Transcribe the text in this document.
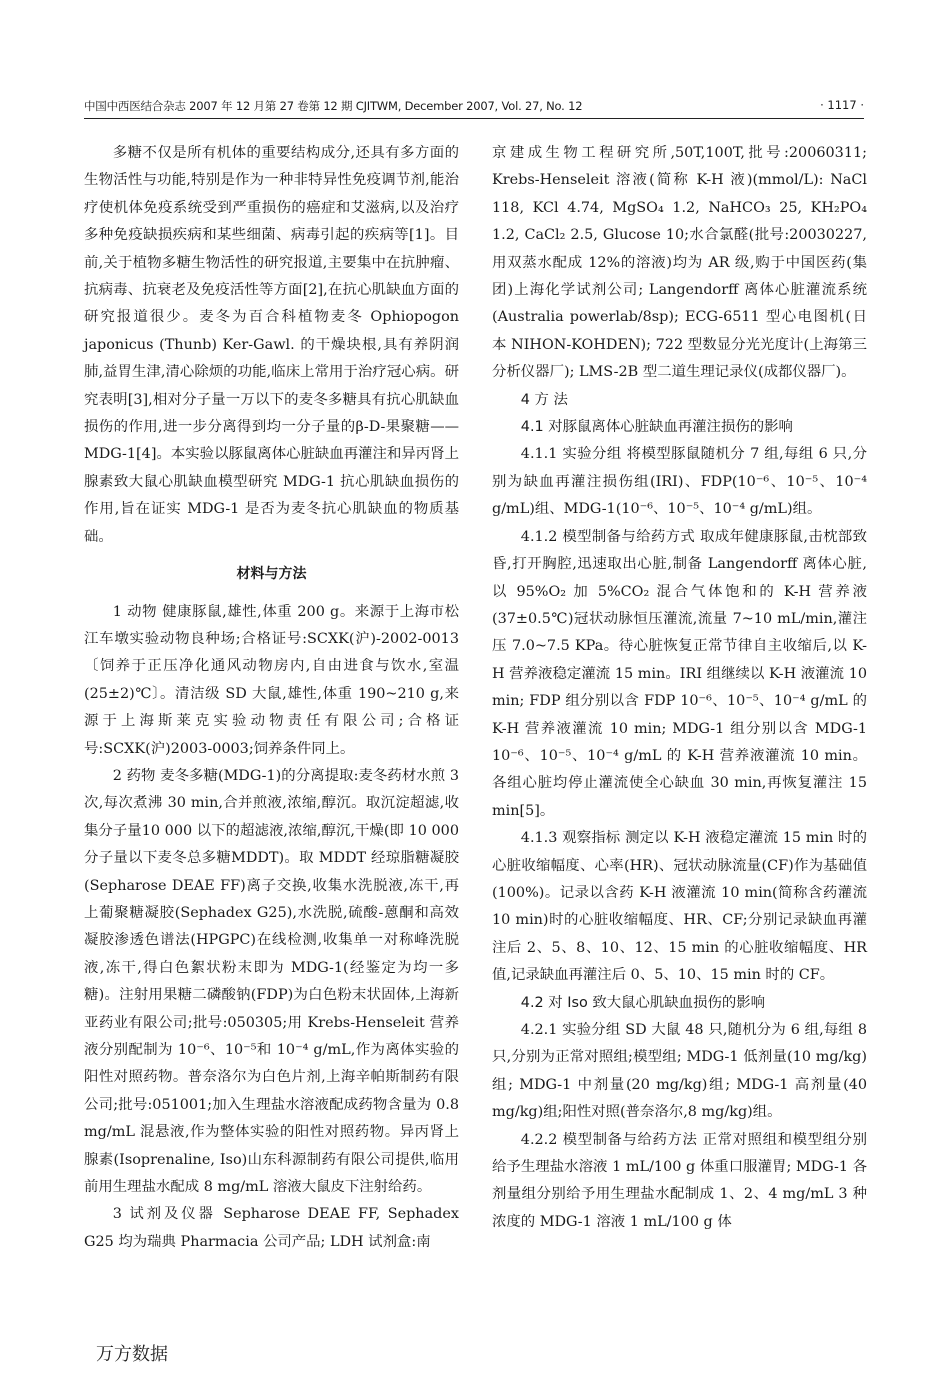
中国中西医结合杂志 2007 年 12 月第 27 卷第 12 期 CJITWM, December 2007, Vol. 27, No. 12	· 1117 ·

多糖不仅是所有机体的重要结构成分,还具有多方面的生物活性与功能,特别是作为一种非特异性免疫调节剂,能治疗使机体免疫系统受到严重损伤的癌症和艾滋病,以及治疗多种免疫缺损疾病和某些细菌、病毒引起的疾病等[1]。目前,关于植物多糖生物活性的研究报道,主要集中在抗肿瘤、抗病毒、抗衰老及免疫活性等方面[2],在抗心肌缺血方面的研究报道很少。麦冬为百合科植物麦冬 Ophiopogon japonicus (Thunb) Ker-Gawl. 的干燥块根,具有养阴润肺,益胃生津,清心除烦的功能,临床上常用于治疗冠心病。研究表明[3],相对分子量一万以下的麦冬多糖具有抗心肌缺血损伤的作用,进一步分离得到均一分子量的β-D-果聚糖——MDG-1[4]。本实验以豚鼠离体心脏缺血再灌注和异丙肾上腺素致大鼠心肌缺血模型研究 MDG-1 抗心肌缺血损伤的作用,旨在证实 MDG-1 是否为麦冬抗心肌缺血的物质基础。

材料与方法

1 动物 健康豚鼠,雄性,体重 200 g。来源于上海市松江车墩实验动物良种场;合格证号:SCXK(沪)-2002-0013〔饲养于正压净化通风动物房内,自由进食与饮水,室温(25±2)℃〕。清洁级 SD 大鼠,雄性,体重 190~210 g,来源于上海斯莱克实验动物责任有限公司;合格证号:SCXK(沪)2003-0003;饲养条件同上。

2 药物 麦冬多糖(MDG-1)的分离提取:麦冬药材水煎 3 次,每次煮沸 30 min,合并煎液,浓缩,醇沉。取沉淀超滤,收集分子量10 000 以下的超滤液,浓缩,醇沉,干燥(即 10 000 分子量以下麦冬总多糖MDDT)。取 MDDT 经琼脂糖凝胶(Sepharose DEAE FF)离子交换,收集水洗脱液,冻干,再上葡聚糖凝胶(Sephadex G25),水洗脱,硫酸-蒽酮和高效凝胶渗透色谱法(HPGPC)在线检测,收集单一对称峰洗脱液,冻干,得白色絮状粉末即为 MDG-1(经鉴定为均一多糖)。注射用果糖二磷酸钠(FDP)为白色粉末状固体,上海新亚药业有限公司;批号:050305;用 Krebs-Henseleit 营养液分别配制为 10⁻⁶、10⁻⁵和 10⁻⁴ g/mL,作为离体实验的阳性对照药物。普奈洛尔为白色片剂,上海辛帕斯制药有限公司;批号:051001;加入生理盐水溶液配成药物含量为 0.8 mg/mL 混悬液,作为整体实验的阳性对照药物。异丙肾上腺素(Isoprenaline, Iso)山东科源制药有限公司提供,临用前用生理盐水配成 8 mg/mL 溶液大鼠皮下注射给药。

3 试剂及仪器 Sepharose DEAE FF, Sephadex G25 均为瑞典 Pharmacia 公司产品; LDH 试剂盒:南

京建成生物工程研究所,50T,100T,批号:20060311; Krebs-Henseleit 溶液(简称 K-H 液)(mmol/L): NaCl 118, KCl 4.74, MgSO₄ 1.2, NaHCO₃ 25, KH₂PO₄ 1.2, CaCl₂ 2.5, Glucose 10;水合氯醛(批号:20030227,用双蒸水配成 12%的溶液)均为 AR 级,购于中国医药(集团)上海化学试剂公司; Langendorff 离体心脏灌流系统(Australia powerlab/8sp); ECG-6511 型心电图机(日本 NIHON-KOHDEN); 722 型数显分光光度计(上海第三分析仪器厂); LMS-2B 型二道生理记录仪(成都仪器厂)。

4 方 法
4.1 对豚鼠离体心脏缺血再灌注损伤的影响

4.1.1 实验分组 将模型豚鼠随机分 7 组,每组 6 只,分别为缺血再灌注损伤组(IRI)、FDP(10⁻⁶、10⁻⁵、10⁻⁴ g/mL)组、MDG-1(10⁻⁶、10⁻⁵、10⁻⁴ g/mL)组。

4.1.2 模型制备与给药方式 取成年健康豚鼠,击枕部致昏,打开胸腔,迅速取出心脏,制备 Langendorff 离体心脏,以 95%O₂ 加 5%CO₂ 混合气体饱和的 K-H 营养液(37±0.5℃)冠状动脉恒压灌流,流量 7~10 mL/min,灌注压 7.0~7.5 KPa。待心脏恢复正常节律自主收缩后,以 K-H 营养液稳定灌流 15 min。IRI 组继续以 K-H 液灌流 10 min; FDP 组分别以含 FDP 10⁻⁶、10⁻⁵、10⁻⁴ g/mL 的 K-H 营养液灌流 10 min; MDG-1 组分别以含 MDG-1 10⁻⁶、10⁻⁵、10⁻⁴ g/mL 的 K-H 营养液灌流 10 min。各组心脏均停止灌流使全心缺血 30 min,再恢复灌注 15 min[5]。

4.1.3 观察指标 测定以 K-H 液稳定灌流 15 min 时的心脏收缩幅度、心率(HR)、冠状动脉流量(CF)作为基础值(100%)。记录以含药 K-H 液灌流 10 min(简称含药灌流 10 min)时的心脏收缩幅度、HR、CF;分别记录缺血再灌注后 2、5、8、10、12、15 min 的心脏收缩幅度、HR 值,记录缺血再灌注后 0、5、10、15 min 时的 CF。

4.2 对 Iso 致大鼠心肌缺血损伤的影响

4.2.1 实验分组 SD 大鼠 48 只,随机分为 6 组,每组 8 只,分别为正常对照组;模型组; MDG-1 低剂量(10 mg/kg)组; MDG-1 中剂量(20 mg/kg)组; MDG-1 高剂量(40 mg/kg)组;阳性对照(普奈洛尔,8 mg/kg)组。

4.2.2 模型制备与给药方法 正常对照组和模型组分别给予生理盐水溶液 1 mL/100 g 体重口服灌胃; MDG-1 各剂量组分别给予用生理盐水配制成 1、2、4 mg/mL 3 种浓度的 MDG-1 溶液 1 mL/100 g 体

万方数据
